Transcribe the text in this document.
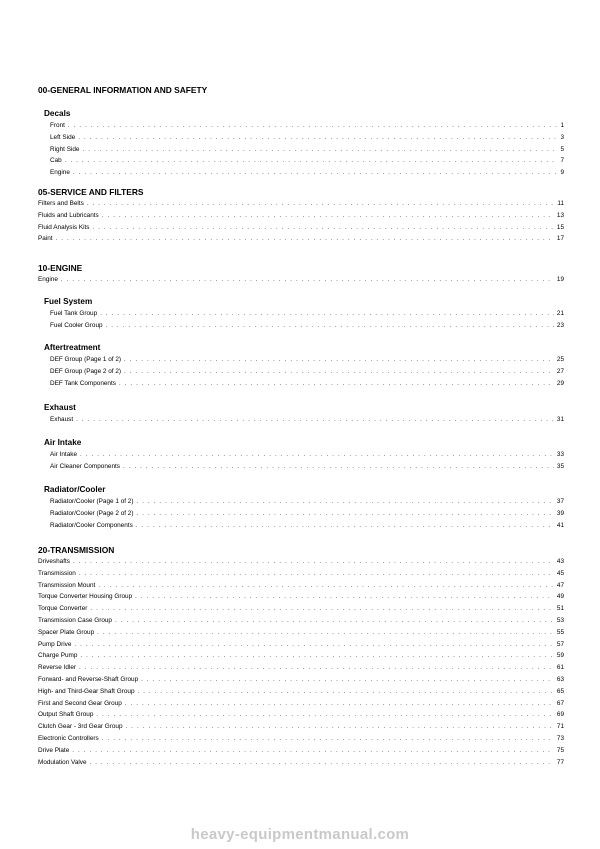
00-GENERAL INFORMATION AND SAFETY
Decals
Front . . .	1
Left Side . . .	3
Right Side . . .	5
Cab . . .	7
Engine . . .	9
05-SERVICE AND FILTERS
Filters and Belts . . .	11
Fluids and Lubricants . . .	13
Fluid Analysis Kits . . .	15
Paint . . .	17
10-ENGINE
Engine . . .	19
Fuel System
Fuel Tank Group . . .	21
Fuel Cooler Group . . .	23
Aftertreatment
DEF Group (Page 1 of 2) . . .	25
DEF Group (Page 2 of 2) . . .	27
DEF Tank Components . . .	29
Exhaust
Exhaust . . .	31
Air Intake
Air Intake . . .	33
Air Cleaner Components . . .	35
Radiator/Cooler
Radiator/Cooler (Page 1 of 2) . . .	37
Radiator/Cooler (Page 2 of 2) . . .	39
Radiator/Cooler Components . . .	41
20-TRANSMISSION
Driveshafts . . .	43
Transmission . . .	45
Transmission Mount . . .	47
Torque Converter Housing Group . . .	49
Torque Converter . . .	51
Transmission Case Group . . .	53
Spacer Plate Group . . .	55
Pump Drive . . .	57
Charge Pump . . .	59
Reverse Idler . . .	61
Forward- and Reverse-Shaft Group . . .	63
High- and Third-Gear Shaft Group . . .	65
First and Second Gear Group . . .	67
Output Shaft Group . . .	69
Clutch Gear - 3rd Gear Group . . .	71
Electronic Controllers . . .	73
Drive Plate . . .	75
Modulation Valve . . .	77
heavy-equipmentmanual.com
